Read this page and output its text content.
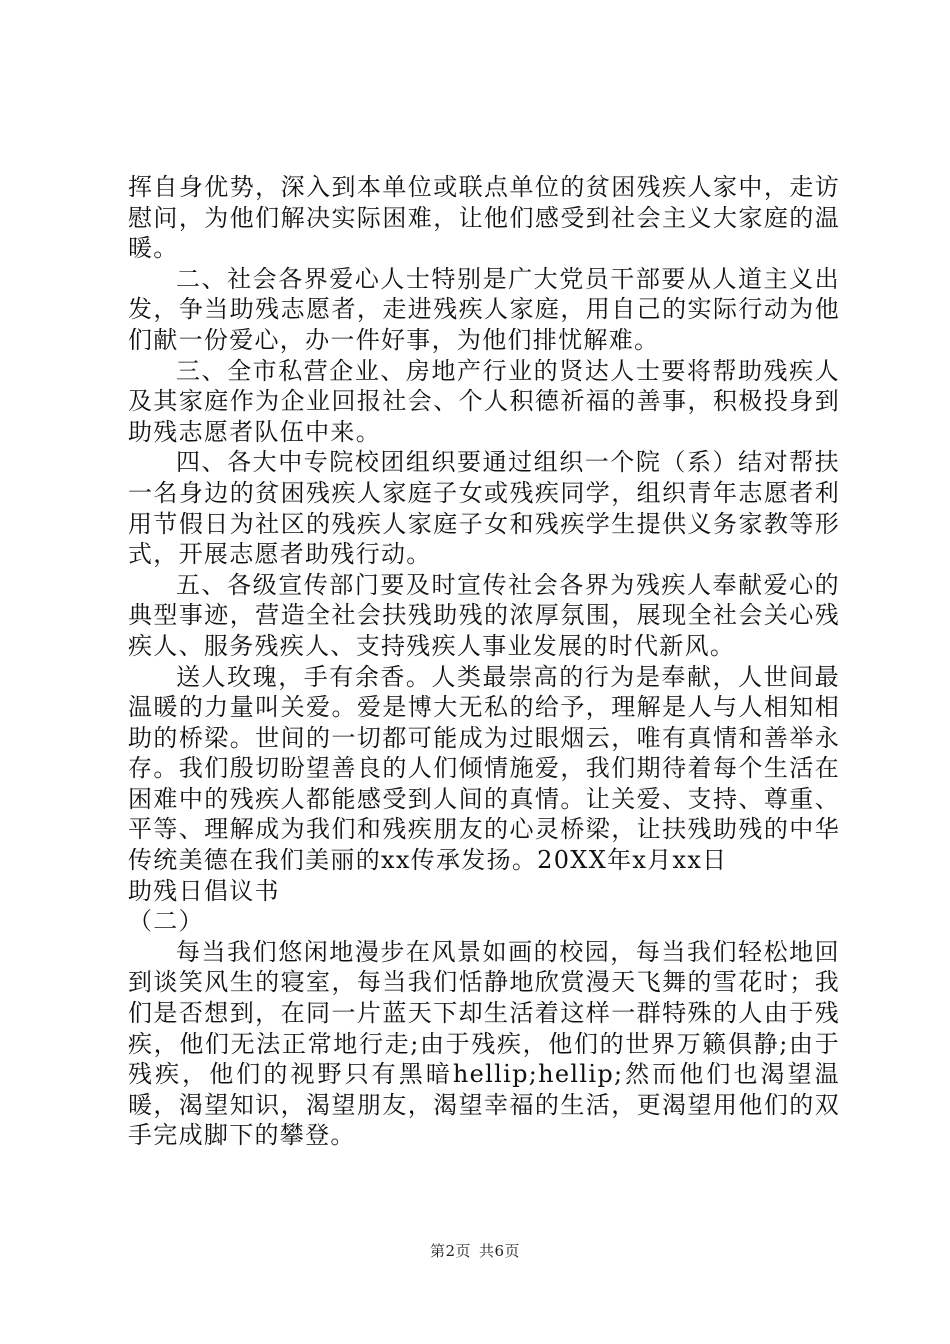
挥自身优势，深入到本单位或联点单位的贫困残疾人家中，走访慰问，为他们解决实际困难，让他们感受到社会主义大家庭的温暖。

二、社会各界爱心人士特别是广大党员干部要从人道主义出发，争当助残志愿者，走进残疾人家庭，用自己的实际行动为他们献一份爱心，办一件好事，为他们排忧解难。

三、全市私营企业、房地产行业的贤达人士要将帮助残疾人及其家庭作为企业回报社会、个人积德祈福的善事，积极投身到助残志愿者队伍中来。

四、各大中专院校团组织要通过组织一个院（系）结对帮扶一名身边的贫困残疾人家庭子女或残疾同学，组织青年志愿者利用节假日为社区的残疾人家庭子女和残疾学生提供义务家教等形式，开展志愿者助残行动。

五、各级宣传部门要及时宣传社会各界为残疾人奉献爱心的典型事迹，营造全社会扶残助残的浓厚氛围，展现全社会关心残疾人、服务残疾人、支持残疾人事业发展的时代新风。

送人玫瑰，手有余香。人类最崇高的行为是奉献，人世间最温暖的力量叫关爱。爱是博大无私的给予，理解是人与人相知相助的桥梁。世间的一切都可能成为过眼烟云，唯有真情和善举永存。我们殷切盼望善良的人们倾情施爱，我们期待着每个生活在困难中的残疾人都能感受到人间的真情。让关爱、支持、尊重、平等、理解成为我们和残疾朋友的心灵桥梁，让扶残助残的中华传统美德在我们美丽的xx传承发扬。20XX年x月xx日

助残日倡议书

（二）

每当我们悠闲地漫步在风景如画的校园，每当我们轻松地回到谈笑风生的寝室，每当我们恬静地欣赏漫天飞舞的雪花时；我们是否想到，在同一片蓝天下却生活着这样一群特殊的人由于残疾，他们无法正常地行走;由于残疾，他们的世界万籁俱静;由于残疾，他们的视野只有黑暗hellip;hellip;然而他们也渴望温暖，渴望知识，渴望朋友，渴望幸福的生活，更渴望用他们的双手完成脚下的攀登。

第2页 共6页
